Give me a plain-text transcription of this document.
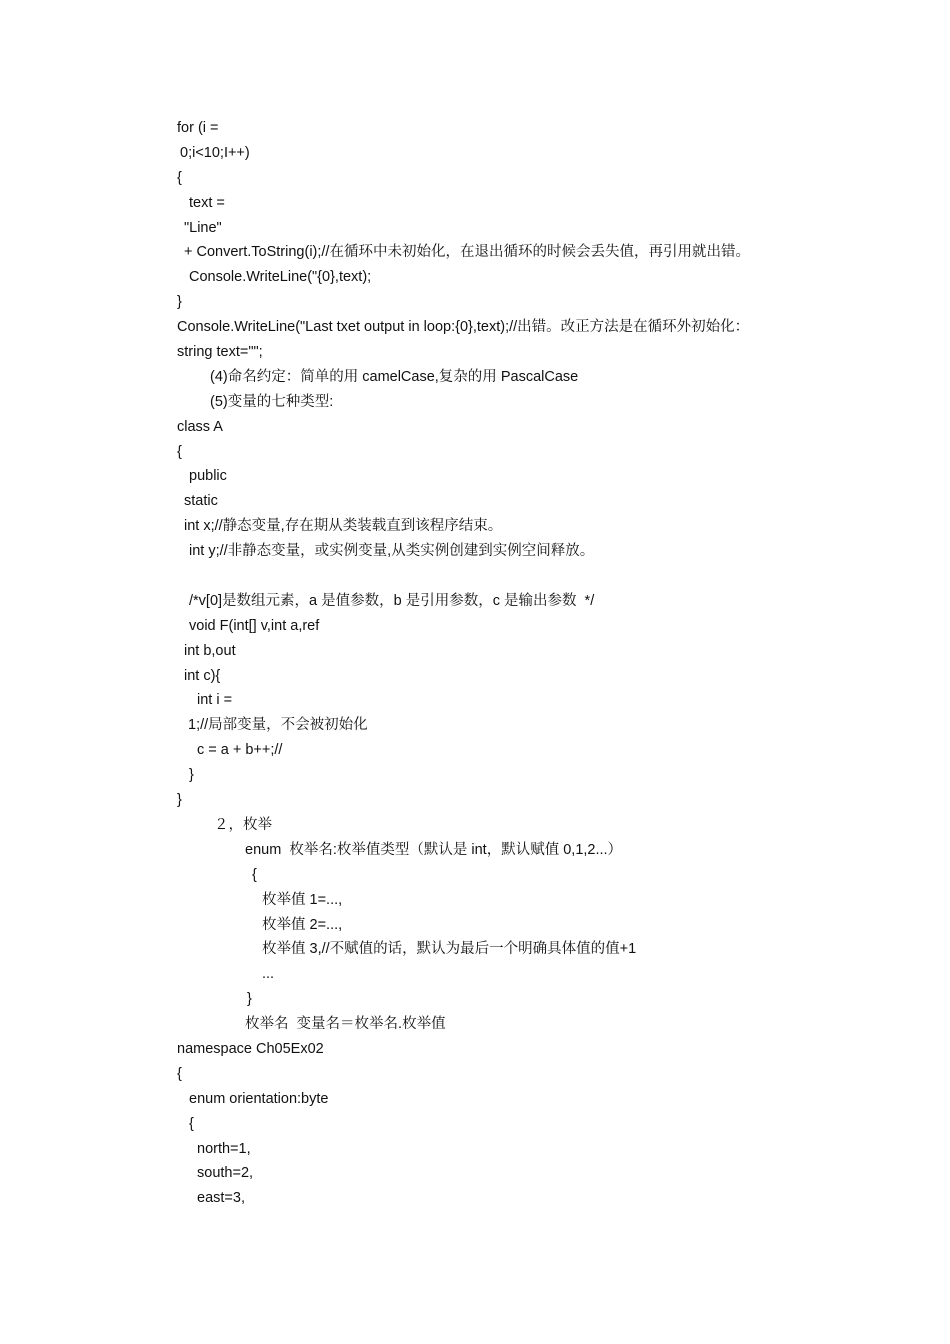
for (i =
0;i<10;I++)
{
text =
"Line"
+ Convert.ToString(i);//在循环中未初始化，在退出循环的时候会丢失值，再引用就出错。
Console.WriteLine("{0},text);
}
Console.WriteLine("Last txet output in loop:{0},text);//出错。改正方法是在循环外初始化：
string text="";
(4)命名约定：简单的用 camelCase,复杂的用 PascalCase
(5)变量的七种类型:
class A
{
public
static
int x;//静态变量,存在期从类装载直到该程序结束。
int y;//非静态变量，或实例变量,从类实例创建到实例空间释放。
/*v[0]是数组元素，a 是值参数，b 是引用参数，c 是输出参数  */
void F(int[] v,int a,ref
int b,out
int c){
int i =
1;//局部变量，不会被初始化
c = a + b++;//
}
}
２，枚举
enum  枚举名:枚举值类型（默认是 int，默认赋值 0,1,2...）
{
枚举值 1=...,
枚举值 2=...,
枚举值 3,//不赋值的话，默认为最后一个明确具体值的值+1
...
}
枚举名  变量名＝枚举名.枚举值
namespace Ch05Ex02
{
enum orientation:byte
{
north=1,
south=2,
east=3,
